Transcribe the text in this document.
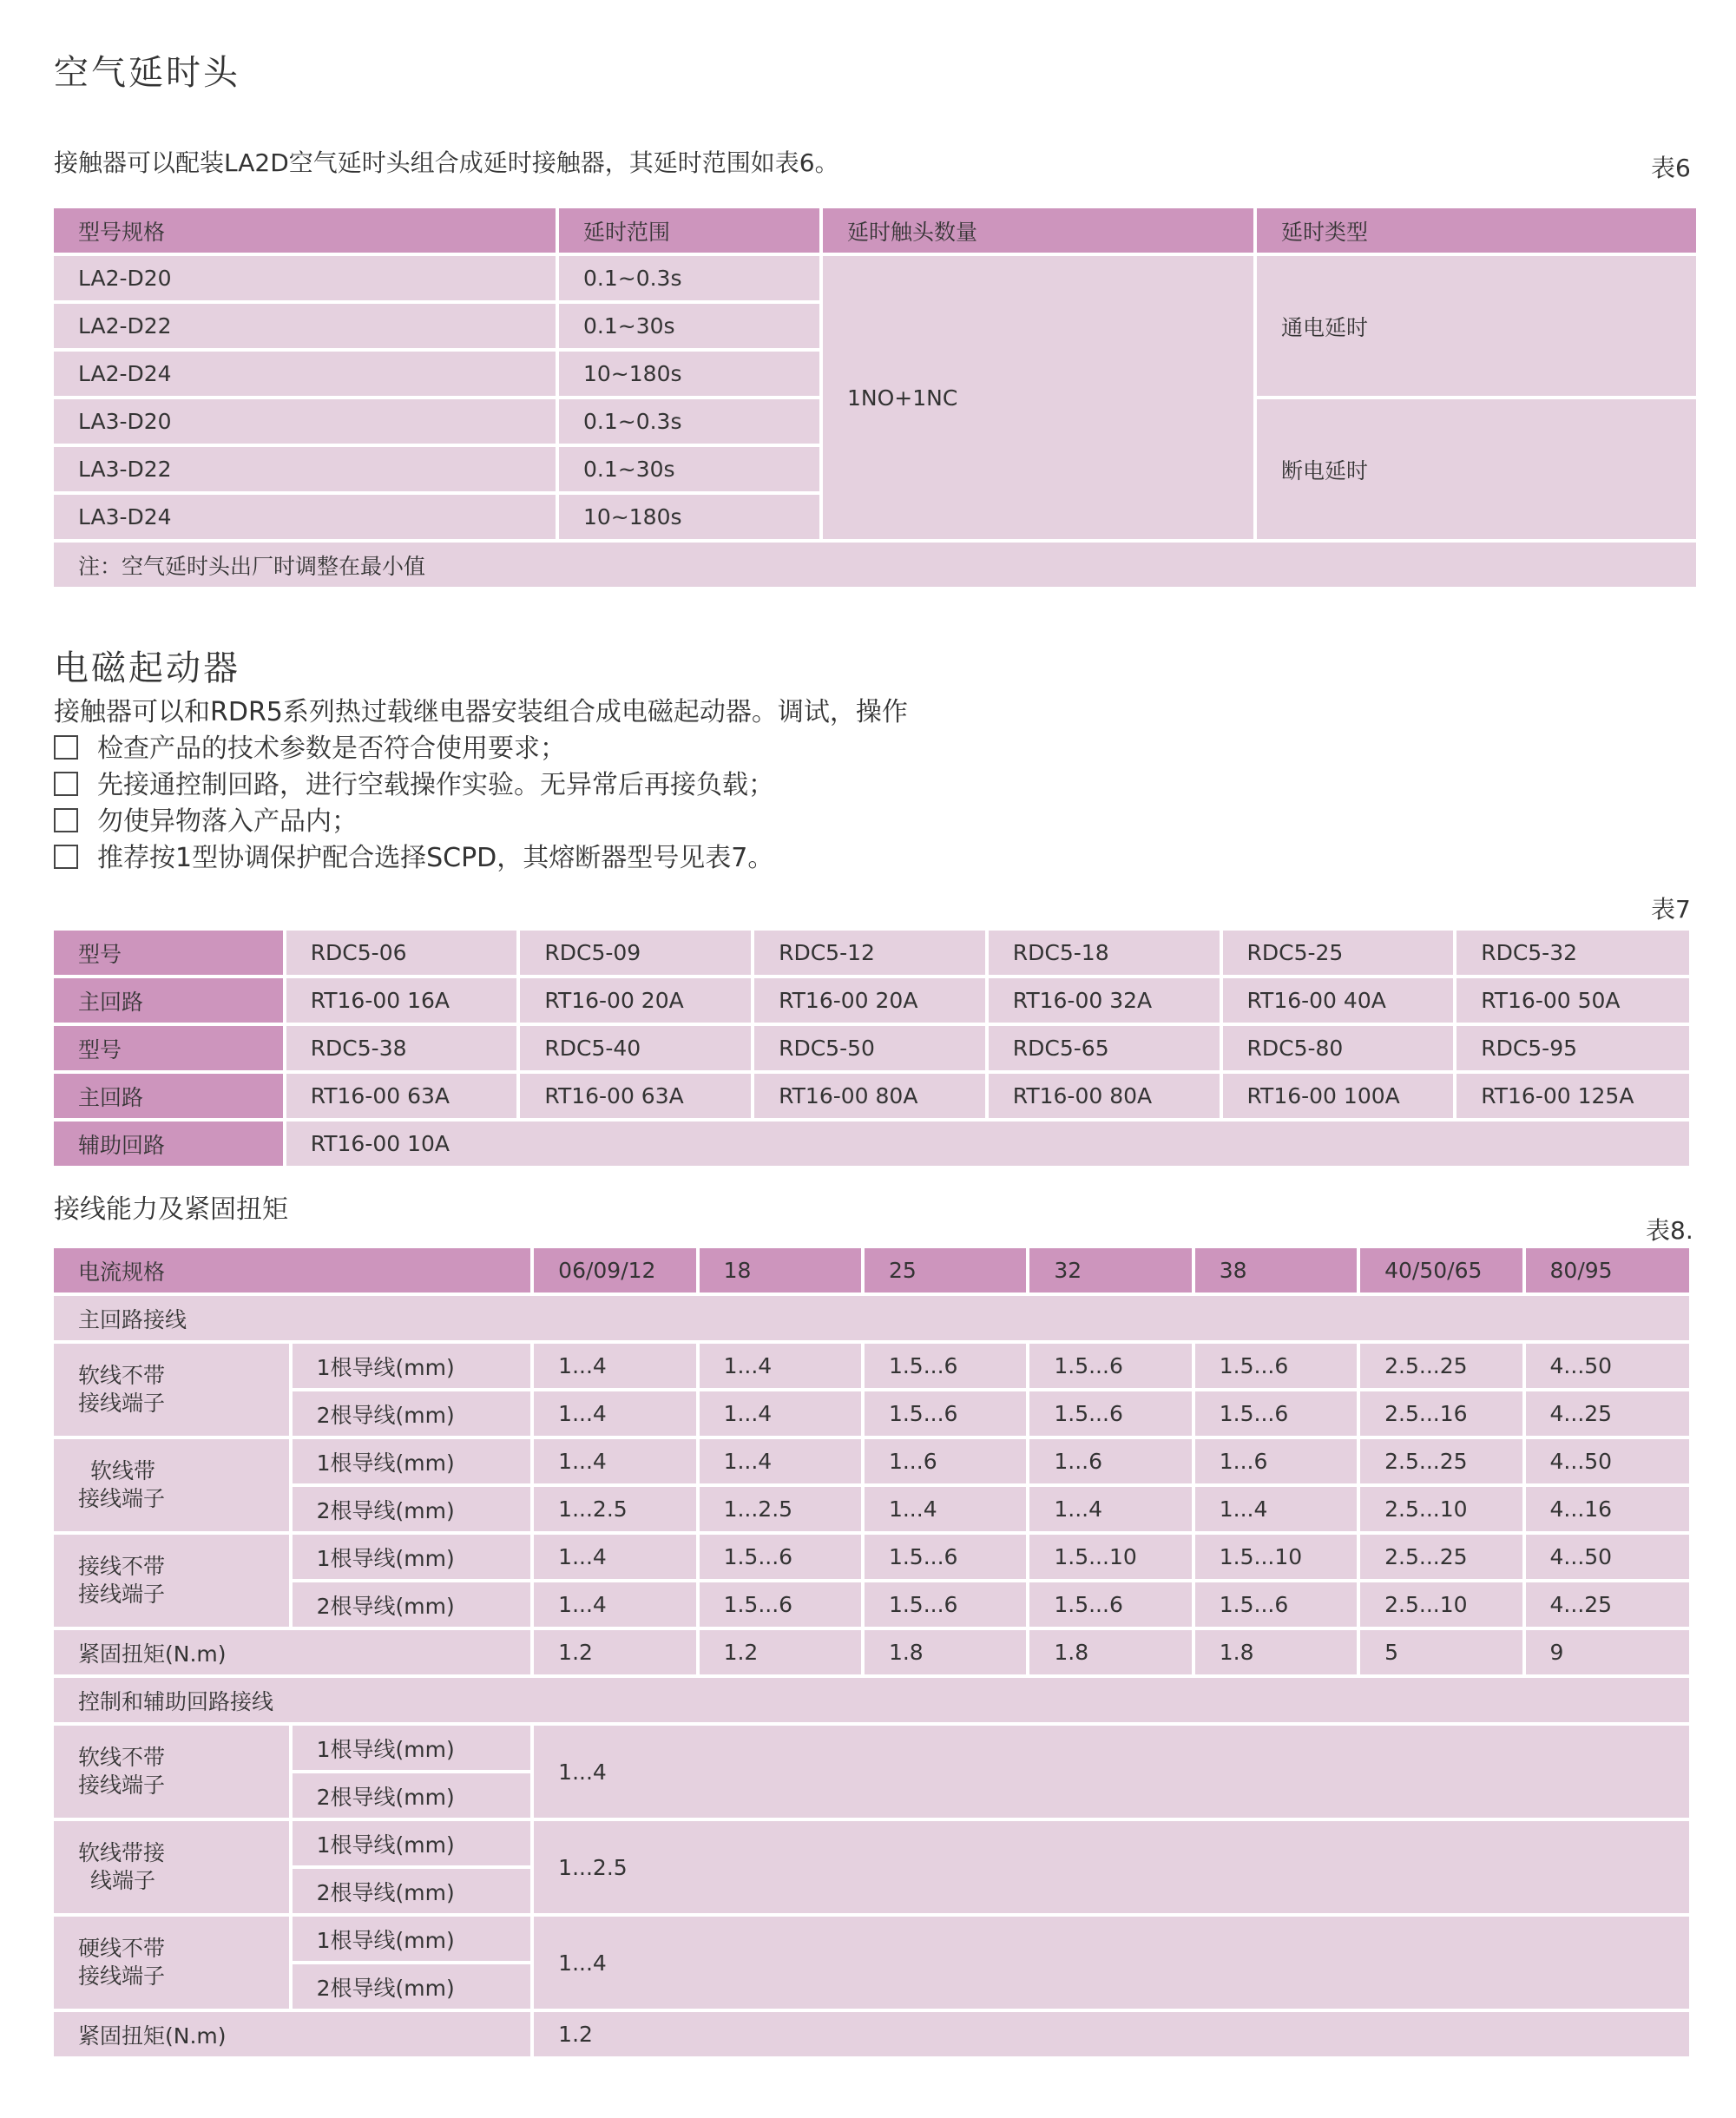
空气延时头
接触器可以配装LA2D空气延时头组合成延时接触器，其延时范围如表6。	表6
型号规格	延时范围	延时触头数量	延时类型
LA2-D20	0.1~0.3s	1NO+1NC	通电延时
LA2-D22	0.1~30s		
LA2-D24	10~180s		
LA3-D20	0.1~0.3s		断电延时
LA3-D22	0.1~30s		
LA3-D24	10~180s		
注：空气延时头出厂时调整在最小值			
电磁起动器
接触器可以和RDR5系列热过载继电器安装组合成电磁起动器。调试，操作
检查产品的技术参数是否符合使用要求；
先接通控制回路，进行空载操作实验。无异常后再接负载；
勿使异物落入产品内；
推荐按1型协调保护配合选择SCPD，其熔断器型号见表7。
表7
型号	RDC5-06	RDC5-09	RDC5-12	RDC5-18	RDC5-25	RDC5-32
主回路	RT16-00 16A	RT16-00 20A	RT16-00 20A	RT16-00 32A	RT16-00 40A	RT16-00 50A
型号	RDC5-38	RDC5-40	RDC5-50	RDC5-65	RDC5-80	RDC5-95
主回路	RT16-00 63A	RT16-00 63A	RT16-00 80A	RT16-00 80A	RT16-00 100A	RT16-00 125A
辅助回路	RT16-00 10A					
接线能力及紧固扭矩
表8.
电流规格		06/09/12	18	25	32	38	40/50/65	80/95
主回路接线								

软线不带
接线端子	1根导线(mm)	1...4	1...4	1.5...6	1.5...6	1.5...6	2.5...25	4...50
	2根导线(mm)	1...4	1...4	1.5...6	1.5...6	1.5...6	2.5...16	4...25

软线带
接线端子	1根导线(mm)	1...4	1...4	1...6	1...6	1...6	2.5...25	4...50
	2根导线(mm)	1...2.5	1...2.5	1...4	1...4	1...4	2.5...10	4...16

接线不带
接线端子	1根导线(mm)	1...4	1.5...6	1.5...6	1.5...10	1.5...10	2.5...25	4...50
	2根导线(mm)	1...4	1.5...6	1.5...6	1.5...6	1.5...6	2.5...10	4...25
紧固扭矩(N.m)		1.2	1.2	1.8	1.8	1.8	5	9
控制和辅助回路接线								

软线不带
接线端子	1根导线(mm)	1...4						
	2根导线(mm)							

软线带接
线端子	1根导线(mm)	1...2.5						
	2根导线(mm)							

硬线不带
接线端子	1根导线(mm)	1...4						
	2根导线(mm)							
紧固扭矩(N.m)		1.2						
